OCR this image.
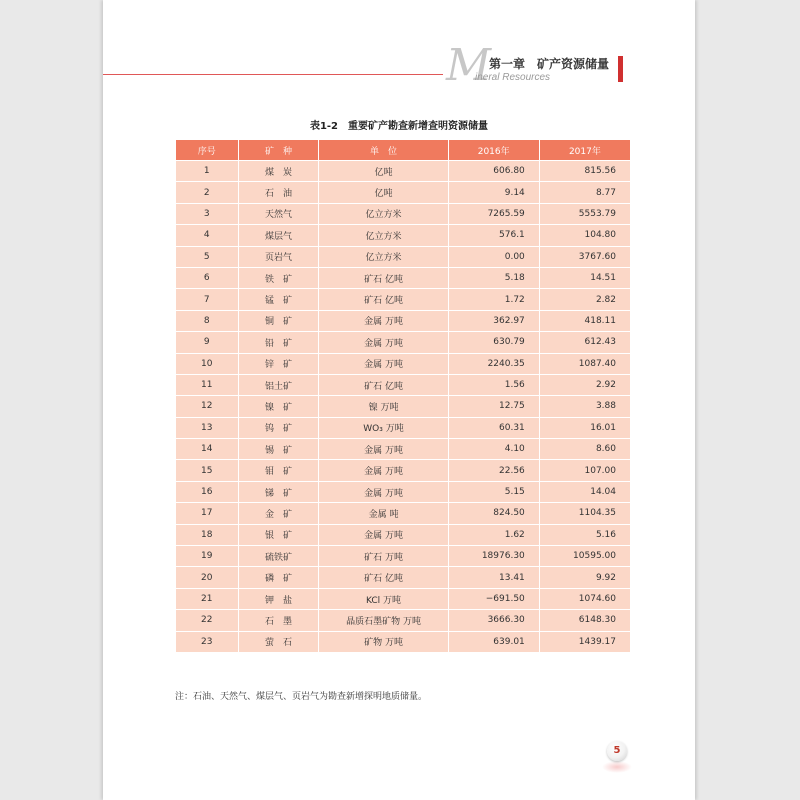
M
ineral Resources
第一章　矿产资源储量
表1-2　重要矿产勘查新增查明资源储量
序号	矿　种	单　位	2016年	2017年
1	煤　炭	亿吨	606.80	815.56
2	石　油	亿吨	9.14	8.77
3	天然气	亿立方米	7265.59	5553.79
4	煤层气	亿立方米	576.1	104.80
5	页岩气	亿立方米	0.00	3767.60
6	铁　矿	矿石 亿吨	5.18	14.51
7	锰　矿	矿石 亿吨	1.72	2.82
8	铜　矿	金属 万吨	362.97	418.11
9	铅　矿	金属 万吨	630.79	612.43
10	锌　矿	金属 万吨	2240.35	1087.40
11	铝土矿	矿石 亿吨	1.56	2.92
12	镍　矿	镍 万吨	12.75	3.88
13	钨　矿	WO₃ 万吨	60.31	16.01
14	锡　矿	金属 万吨	4.10	8.60
15	钼　矿	金属 万吨	22.56	107.00
16	锑　矿	金属 万吨	5.15	14.04
17	金　矿	金属 吨	824.50	1104.35
18	银　矿	金属 万吨	1.62	5.16
19	硫铁矿	矿石 万吨	18976.30	10595.00
20	磷　矿	矿石 亿吨	13.41	9.92
21	钾　盐	KCl 万吨	−691.50	1074.60
22	石　墨	晶质石墨矿物 万吨	3666.30	6148.30
23	萤　石	矿物 万吨	639.01	1439.17
注：石油、天然气、煤层气、页岩气为勘查新增探明地质储量。
5
